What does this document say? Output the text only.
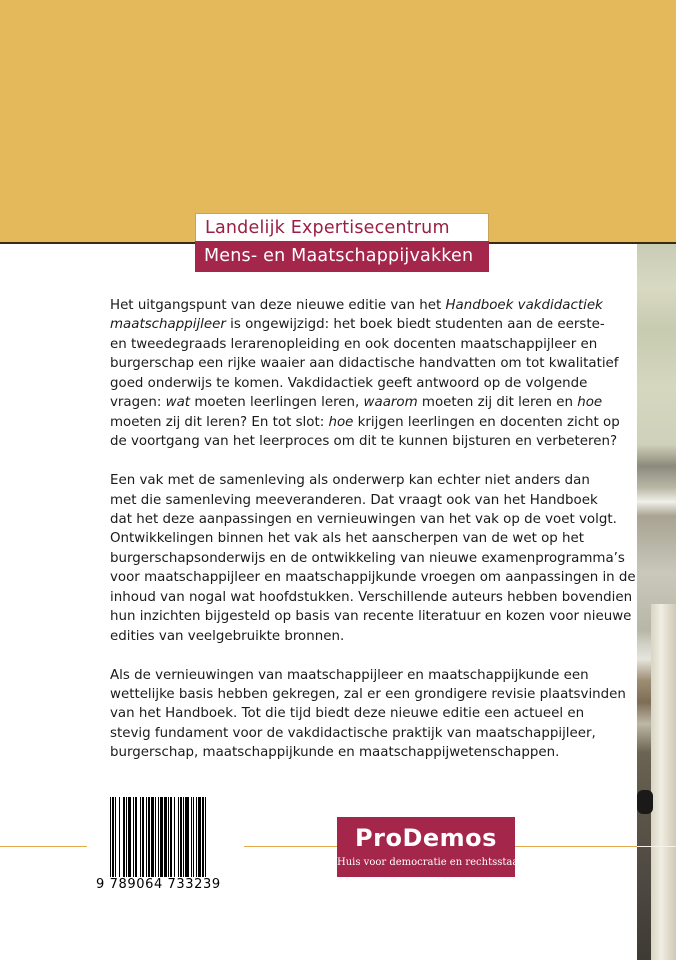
Landelijk Expertisecentrum
Mens- en Maatschappijvakken

Het uitgangspunt van deze nieuwe editie van het Handboek vakdidactiek
maatschappijleer is ongewijzigd: het boek biedt studenten aan de eerste-
en tweedegraads lerarenopleiding en ook docenten maatschappijleer en
burgerschap een rijke waaier aan didactische handvatten om tot kwalitatief
goed onderwijs te komen. Vakdidactiek geeft antwoord op de volgende
vragen: wat moeten leerlingen leren, waarom moeten zij dit leren en hoe
moeten zij dit leren? En tot slot: hoe krijgen leerlingen en docenten zicht op
de voortgang van het leerproces om dit te kunnen bijsturen en verbeteren?

Een vak met de samenleving als onderwerp kan echter niet anders dan
met die samenleving meeveranderen. Dat vraagt ook van het Handboek
dat het deze aanpassingen en vernieuwingen van het vak op de voet volgt.
Ontwikkelingen binnen het vak als het aanscherpen van de wet op het
burgerschapsonderwijs en de ontwikkeling van nieuwe examenprogramma’s
voor maatschappijleer en maatschappijkunde vroegen om aanpassingen in de
inhoud van nogal wat hoofdstukken. Verschillende auteurs hebben bovendien
hun inzichten bijgesteld op basis van recente literatuur en kozen voor nieuwe
edities van veelgebruikte bronnen.

Als de vernieuwingen van maatschappijleer en maatschappijkunde een
wettelijke basis hebben gekregen, zal er een grondigere revisie plaatsvinden
van het Handboek. Tot die tijd biedt deze nieuwe editie een actueel en
stevig fundament voor de vakdidactische praktijk van maatschappijleer,
burgerschap, maatschappijkunde en maatschappijwetenschappen.

9 789064 733239
ProDemos
Huis voor democratie en rechtsstaat
